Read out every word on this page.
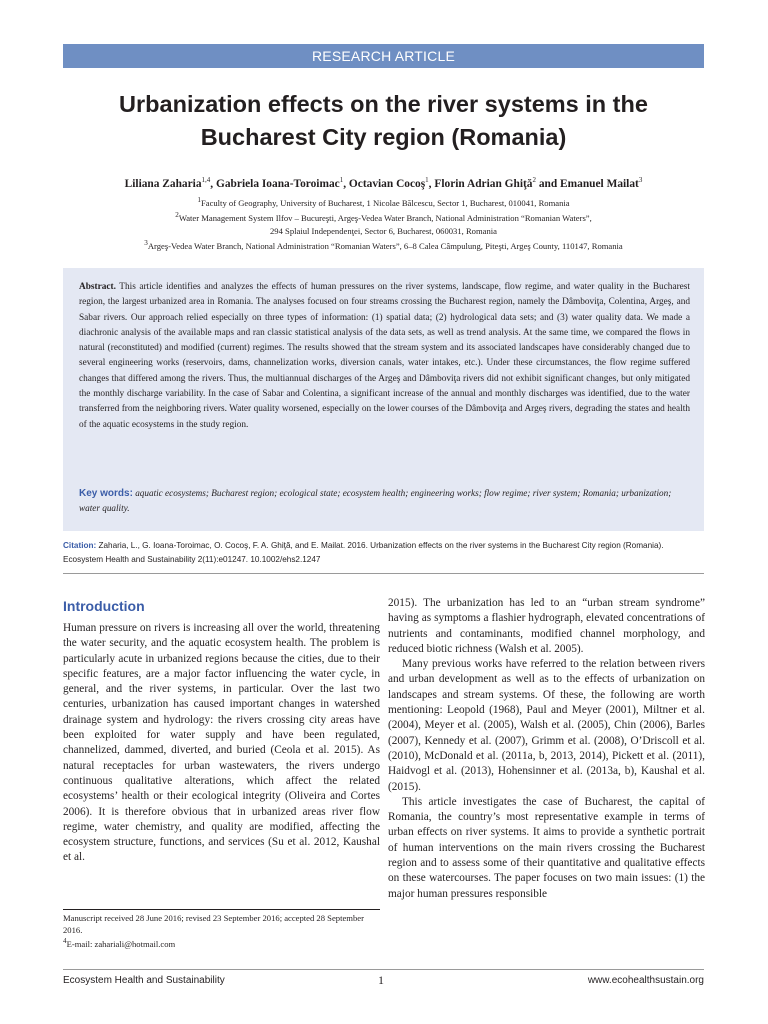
RESEARCH ARTICLE
Urbanization effects on the river systems in the
Bucharest City region (Romania)
Liliana Zaharia$^{1,4}$, Gabriela Ioana-Toroimac$^1$, Octavian Cocoş$^1$, Florin Adrian Ghiţă$^2$ and Emanuel Mailat$^3$
$^1$Faculty of Geography, University of Bucharest, 1 Nicolae Bălcescu, Sector 1, Bucharest, 010041, Romania
$^2$Water Management System Ilfov – Bucureşti, Argeş-Vedea Water Branch, National Administration “Romanian Waters”,
294 Splaiul Independenţei, Sector 6, Bucharest, 060031, Romania
$^3$Argeş-Vedea Water Branch, National Administration “Romanian Waters”, 6–8 Calea Câmpulung, Piteşti, Argeş County, 110147, Romania
Abstract. This article identifies and analyzes the effects of human pressures on the river systems, landscape, flow regime, and water quality in the Bucharest region, the largest urbanized area in Romania. The analyses focused on four streams crossing the Bucharest region, namely the Dâmboviţa, Colentina, Argeş, and Sabar rivers. Our approach relied especially on three types of information: (1) spatial data; (2) hydrological data sets; and (3) water quality data. We made a diachronic analysis of the available maps and ran classic statistical analysis of the data sets, as well as trend analysis. At the same time, we compared the flows in natural (reconstituted) and modified (current) regimes. The results showed that the stream system and its associated landscapes have considerably changed due to several engineering works (reservoirs, dams, channelization works, diversion canals, water intakes, etc.). Under these circumstances, the flow regime suffered changes that differed among the rivers. Thus, the multiannual discharges of the Argeş and Dâmboviţa rivers did not exhibit significant changes, but only mitigated the monthly discharge variability. In the case of Sabar and Colentina, a significant increase of the annual and monthly discharges was identified, due to the water transferred from the neighboring rivers. Water quality worsened, especially on the lower courses of the Dâmboviţa and Argeş rivers, degrading the states and health of the aquatic ecosystems in the study region.
Key words: aquatic ecosystems; Bucharest region; ecological state; ecosystem health; engineering works; flow regime; river system; Romania; urbanization; water quality.
Citation: Zaharia, L., G. Ioana-Toroimac, O. Cocoş, F. A. Ghiţă, and E. Mailat. 2016. Urbanization effects on the river systems in the Bucharest City region (Romania). Ecosystem Health and Sustainability 2(11):e01247. 10.1002/ehs2.1247
Introduction

Human pressure on rivers is increasing all over the world, threatening the water security, and the aquatic ecosystem health. The problem is particularly acute in urbanized regions because the cities, due to their specific features, are a major factor influencing the water cycle, in general, and the river systems, in particular. Over the last two centuries, urbanization has caused important changes in watershed drainage system and hydrology: the rivers crossing city areas have been exploited for water supply and have been regulated, channelized, dammed, diverted, and buried (Ceola et al. 2015). As natural receptacles for urban wastewaters, the rivers undergo continuous qualitative alterations, which affect the related ecosystems’ health or their ecological integrity (Oliveira and Cortes 2006). It is therefore obvious that in urbanized areas river flow regime, water chemistry, and quality are modified, affecting the ecosystem structure, functions, and services (Su et al. 2012, Kaushal et al.

2015). The urbanization has led to an “urban stream syndrome” having as symptoms a flashier hydrograph, elevated concentrations of nutrients and contaminants, modified channel morphology, and reduced biotic richness (Walsh et al. 2005).

Many previous works have referred to the relation between rivers and urban development as well as to the effects of urbanization on landscapes and stream systems. Of these, the following are worth mentioning: Leopold (1968), Paul and Meyer (2001), Miltner et al. (2004), Meyer et al. (2005), Walsh et al. (2005), Chin (2006), Barles (2007), Kennedy et al. (2007), Grimm et al. (2008), O’Driscoll et al. (2010), McDonald et al. (2011a, b, 2013, 2014), Pickett et al. (2011), Haidvogl et al. (2013), Hohensinner et al. (2013a, b), Kaushal et al. (2015).

This article investigates the case of Bucharest, the capital of Romania, the country’s most representative example in terms of urban effects on river systems. It aims to provide a synthetic portrait of human interventions on the main rivers crossing the Bucharest region and to assess some of their quantitative and qualitative effects on these watercourses. The paper focuses on two main issues: (1) the major human pressures responsible

Manuscript received 28 June 2016; revised 23 September 2016; accepted 28 September 2016.
$^4$E-mail: zahariali@hotmail.com
Ecosystem Health and Sustainability	1	www.ecohealthsustain.org
